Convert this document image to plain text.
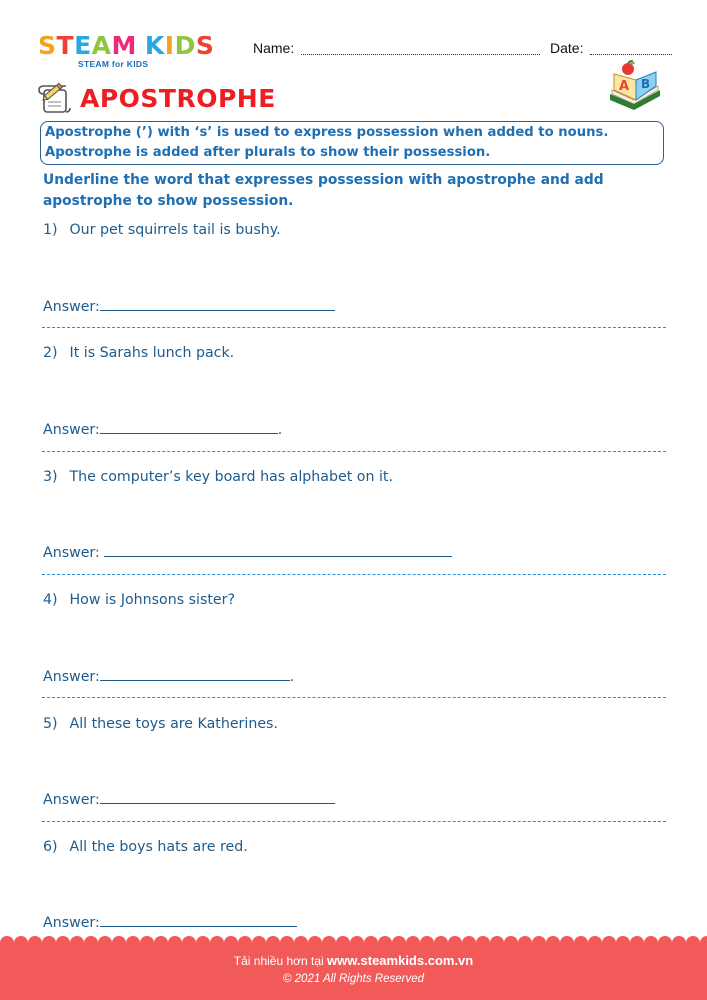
STEAM KIDS
STEAM for KIDS
Name:	Date:
APOSTROPHE	A B

Apostrophe (’) with ‘s’ is used to express possession when added to nouns.

Apostrophe is added after plurals to show their possession.

Underline the word that expresses possession with apostrophe and add apostrophe to show possession.
1) Our pet squirrels tail is bushy.
Answer:
2) It is Sarahs lunch pack.
Answer:	.
3) The computer’s key board has alphabet on it.
Answer:
4) How is Johnsons sister?
Answer:	.
5) All these toys are Katherines.
Answer:
6) All the boys hats are red.
Answer:
Tải nhiều hơn tại www.steamkids.com.vn
© 2021 All Rights Reserved
